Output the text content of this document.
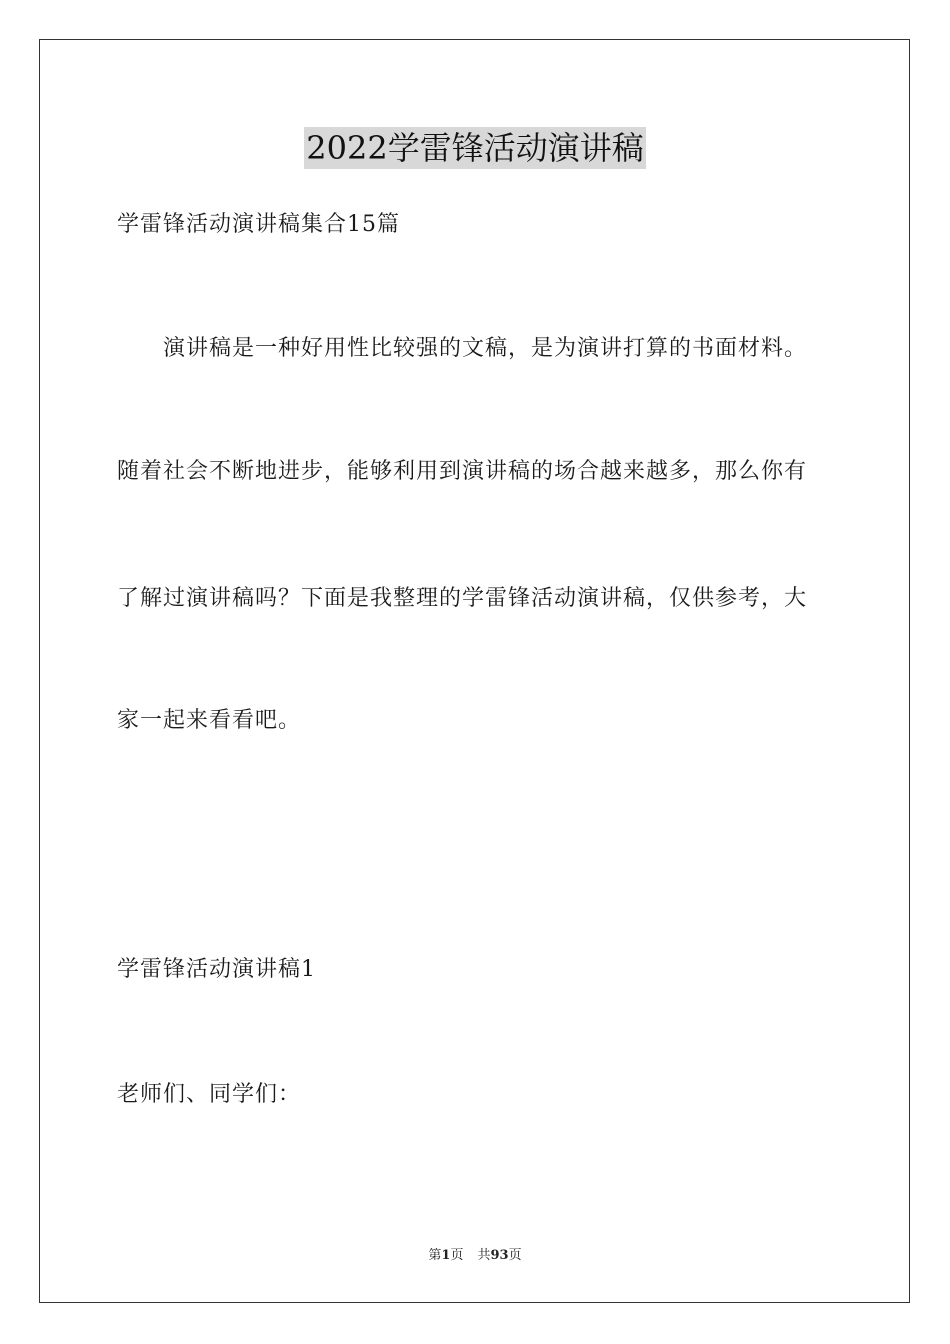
2022学雷锋活动演讲稿
学雷锋活动演讲稿集合15篇
演讲稿是一种好用性比较强的文稿，是为演讲打算的书面材料。
随着社会不断地进步，能够利用到演讲稿的场合越来越多，那么你有
了解过演讲稿吗？下面是我整理的学雷锋活动演讲稿，仅供参考，大
家一起来看看吧。
学雷锋活动演讲稿1
老师们、同学们：
第1页 共93页
